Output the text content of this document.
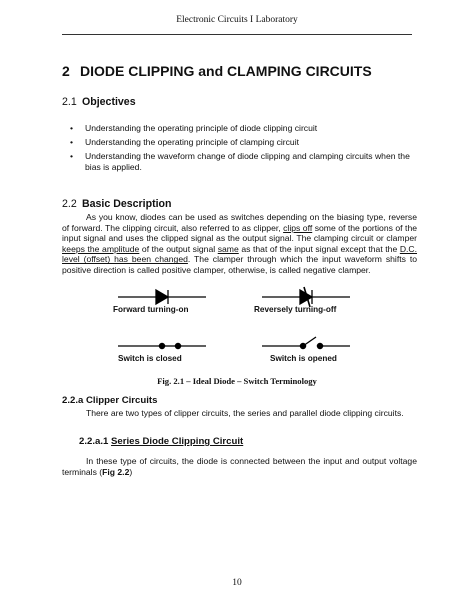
Electronic Circuits I Laboratory
2 DIODE CLIPPING and CLAMPING CIRCUITS
2.1 Objectives
• Understanding the operating principle of diode clipping circuit
• Understanding the operating principle of clamping circuit
• Understanding the waveform change of diode clipping and clamping circuits when the bias is applied.
2.2 Basic Description
As you know, diodes can be used as switches depending on the biasing type, reverse of forward. The clipping circuit, also referred to as clipper, clips off some of the portions of the input signal and uses the clipped signal as the output signal. The clamping circuit or clamper keeps the amplitude of the output signal same as that of the input signal except that the D.C. level (offset) has been changed. The clamper through which the input waveform shifts to positive direction is called positive clamper, otherwise, is called negative clamper.
Forward turning-on	Reversely turning-off
Switch is closed	Switch is opened
Fig. 2.1 – Ideal Diode – Switch Terminology
2.2.a Clipper Circuits
There are two types of clipper circuits, the series and parallel diode clipping circuits.
2.2.a.1 Series Diode Clipping Circuit
In these type of circuits, the diode is connected between the input and output voltage terminals (Fig 2.2)
10
